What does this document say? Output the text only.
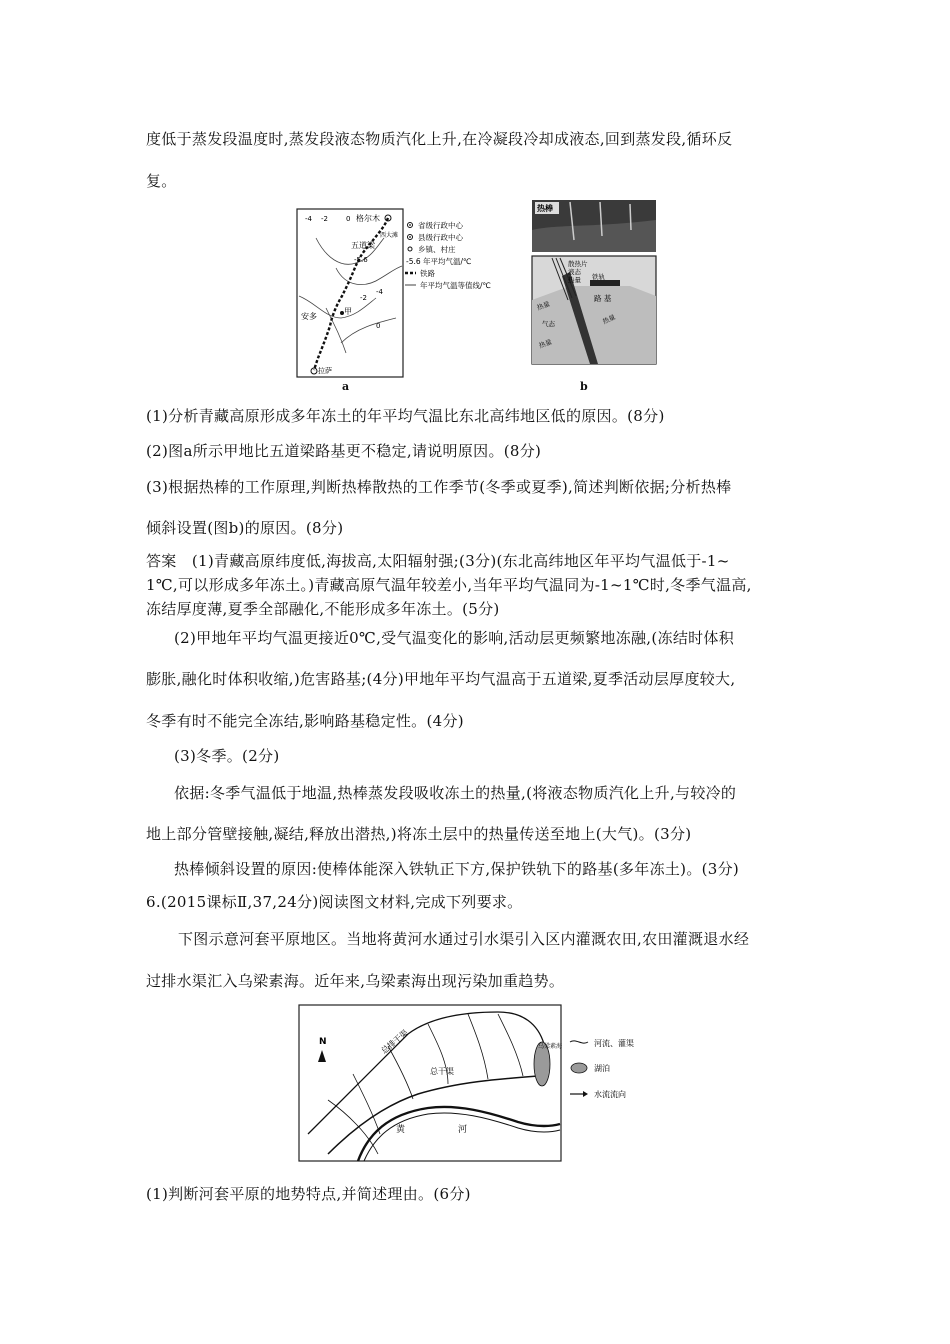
度低于蒸发段温度时,蒸发段液态物质汽化上升,在冷凝段冷却成液态,回到蒸发段,循环反
复。
-4 -2	0 格尔木
西大滩
五道梁
-5.6
-4
-2
0
安多
甲
拉萨
省级行政中心
县级行政中心
乡镇、村庄
-5.6 年平均气温/℃
铁路
年平均气温等值线/℃
a
热棒
散热片
液态
热量 铁轨
路 基
热量
气态	热量
热量
b
(1)分析青藏高原形成多年冻土的年平均气温比东北高纬地区低的原因。(8分)
(2)图a所示甲地比五道梁路基更不稳定,请说明原因。(8分)
(3)根据热棒的工作原理,判断热棒散热的工作季节(冬季或夏季),简述判断依据;分析热棒
倾斜设置(图b)的原因。(8分)
答案　(1)青藏高原纬度低,海拔高,太阳辐射强;(3分)(东北高纬地区年平均气温低于-1~
1℃,可以形成多年冻土。)青藏高原气温年较差小,当年平均气温同为-1~1℃时,冬季气温高,
冻结厚度薄,夏季全部融化,不能形成多年冻土。(5分)
(2)甲地年平均气温更接近0℃,受气温变化的影响,活动层更频繁地冻融,(冻结时体积
膨胀,融化时体积收缩,)危害路基;(4分)甲地年平均气温高于五道梁,夏季活动层厚度较大,
冬季有时不能完全冻结,影响路基稳定性。(4分)
(3)冬季。(2分)
依据:冬季气温低于地温,热棒蒸发段吸收冻土的热量,(将液态物质汽化上升,与较冷的
地上部分管壁接触,凝结,释放出潜热,)将冻土层中的热量传送至地上(大气)。(3分)
热棒倾斜设置的原因:使棒体能深入铁轨正下方,保护铁轨下的路基(多年冻土)。(3分)
6.(2015课标Ⅱ,37,24分)阅读图文材料,完成下列要求。
下图示意河套平原地区。当地将黄河水通过引水渠引入区内灌溉农田,农田灌溉退水经
过排水渠汇入乌梁素海。近年来,乌梁素海出现污染加重趋势。
N	总排干渠
总干渠
黄	河
乌梁素海	河流、灌渠
湖泊
水流流向
(1)判断河套平原的地势特点,并简述理由。(6分)
